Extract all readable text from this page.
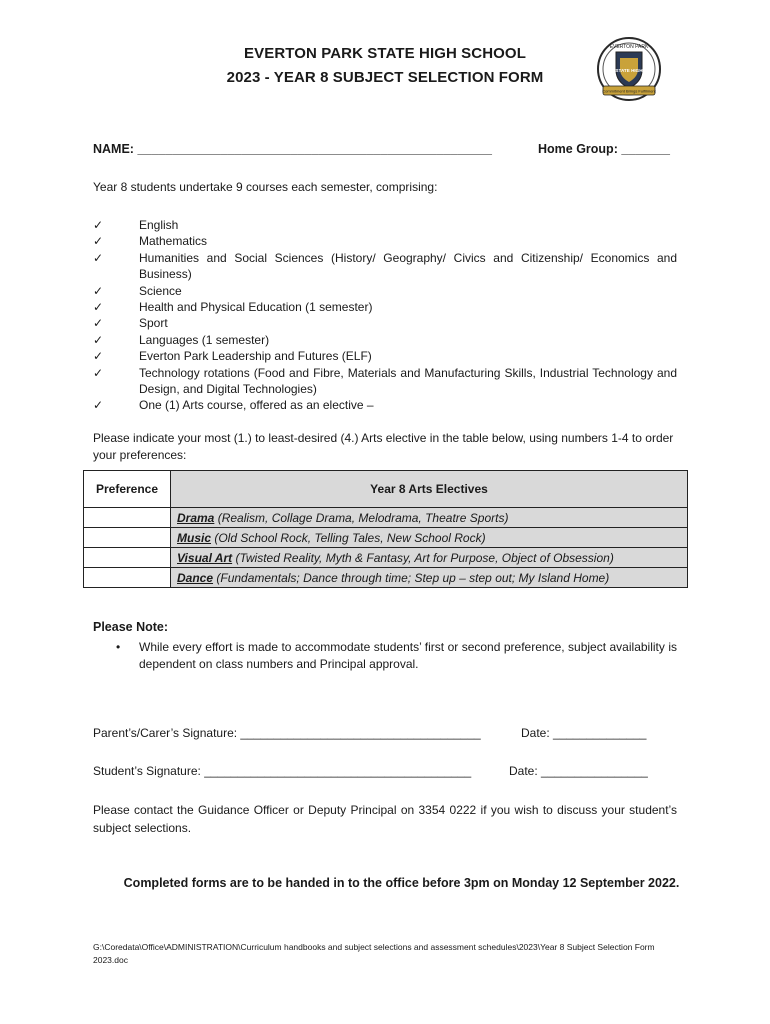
EVERTON PARK STATE HIGH SCHOOL
2023 - YEAR 8 SUBJECT SELECTION FORM
EVERTON PARK
STATE HIGH
Commitment Brings Fulfilment
NAME: ___________________________________________________	Home Group: _______
Year 8 students undertake 9 courses each semester, comprising:
✓	English
✓	Mathematics
✓	Humanities and Social Sciences (History/ Geography/ Civics and Citizenship/ Economics and Business)
✓	Science
✓	Health and Physical Education (1 semester)
✓	Sport
✓	Languages (1 semester)
✓	Everton Park Leadership and Futures (ELF)
✓	Technology rotations (Food and Fibre, Materials and Manufacturing Skills, Industrial Technology and Design, and Digital Technologies)
✓	One (1) Arts course, offered as an elective –
Please indicate your most (1.) to least-desired (4.) Arts elective in the table below, using numbers 1-4 to order your preferences:
Preference	Year 8 Arts Electives
	Drama (Realism, Collage Drama, Melodrama, Theatre Sports)
	Music (Old School Rock, Telling Tales, New School Rock)
	Visual Art (Twisted Reality, Myth & Fantasy, Art for Purpose, Object of Obsession)
	Dance (Fundamentals; Dance through time; Step up – step out; My Island Home)
Please Note:
• While every effort is made to accommodate students’ first or second preference, subject availability is dependent on class numbers and Principal approval.
Parent’s/Carer’s Signature: ____________________________________	Date: ______________
Student’s Signature: ________________________________________	Date: ________________
Please contact the Guidance Officer or Deputy Principal on 3354 0222 if you wish to discuss your student’s subject selections.
Completed forms are to be handed in to the office before 3pm on Monday 12 September 2022.
G:\Coredata\Office\ADMINISTRATION\Curriculum handbooks and subject selections and assessment schedules\2023\Year 8 Subject Selection Form 2023.doc
